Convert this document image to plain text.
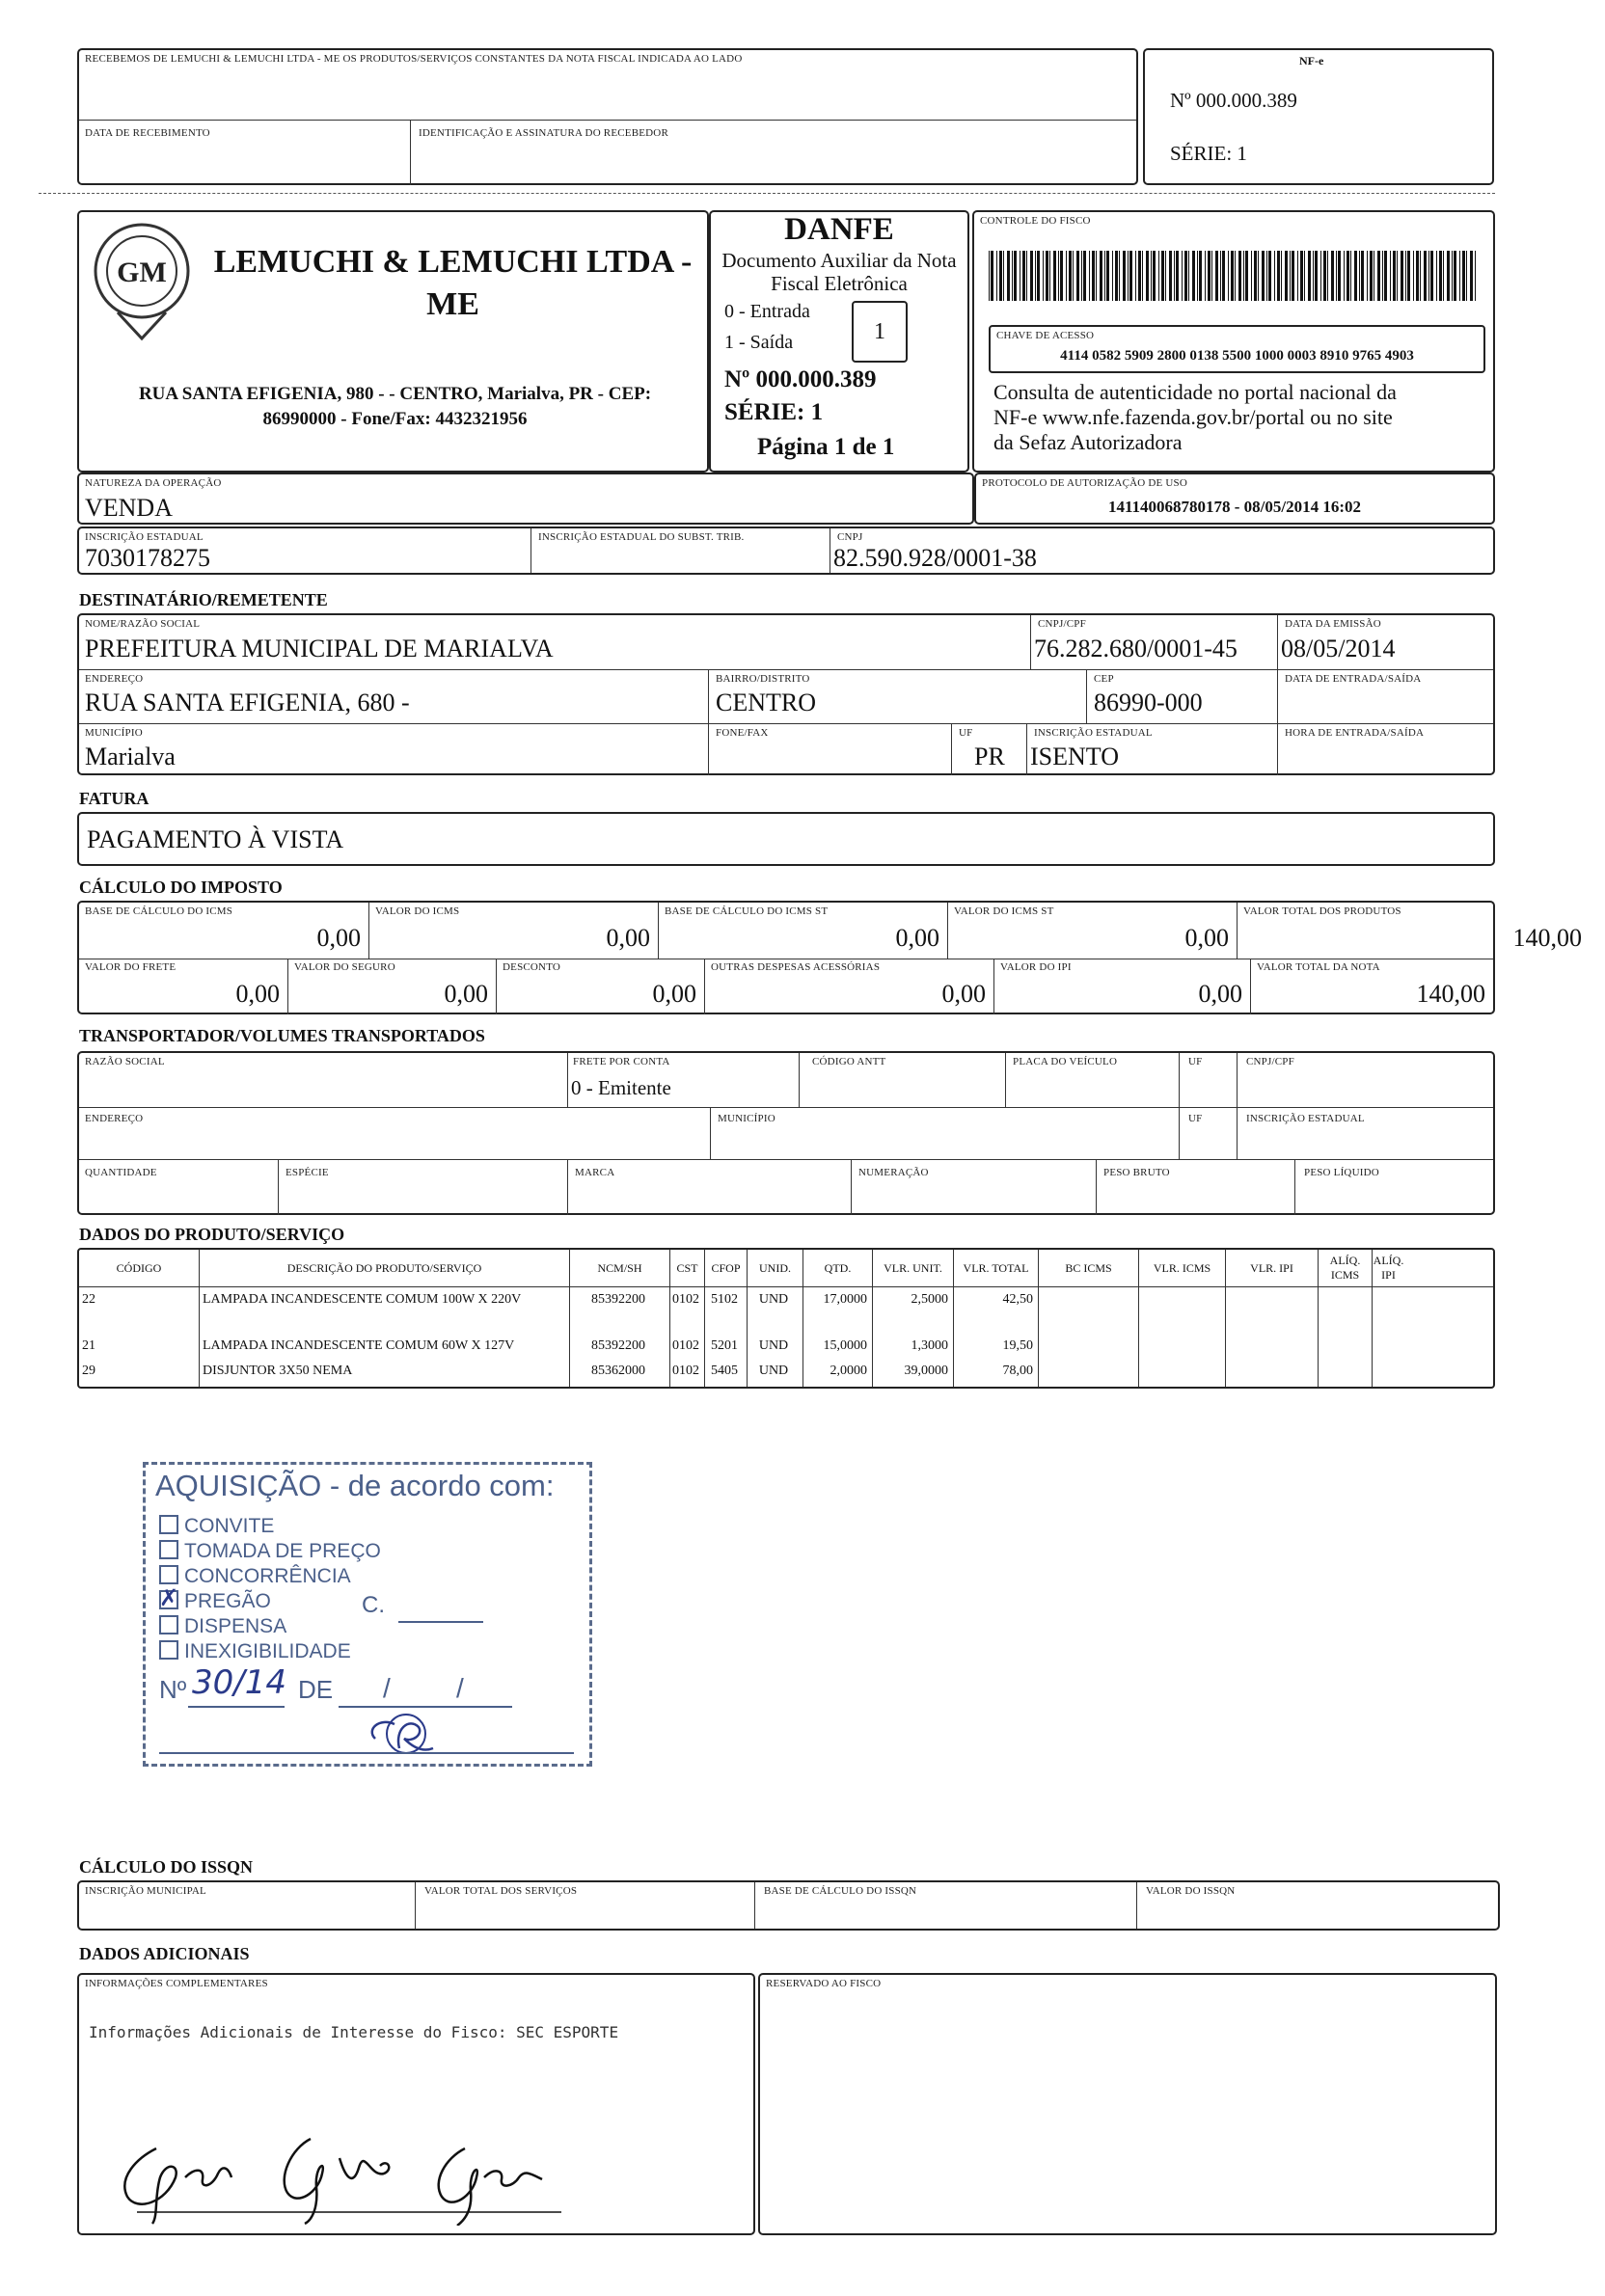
RECEBEMOS DE LEMUCHI & LEMUCHI LTDA - ME OS PRODUTOS/SERVIÇOS CONSTANTES DA NOTA FISCAL INDICADA AO LADO
DATA DE RECEBIMENTO	IDENTIFICAÇÃO E ASSINATURA DO RECEBEDOR
NF-e
Nº 000.000.389
SÉRIE: 1
GM LEMUCHI & LEMUCHI LTDA - ME
RUA SANTA EFIGENIA, 980 - - CENTRO, Marialva, PR - CEP:
86990000 - Fone/Fax: 4432321956
DANFE
Documento Auxiliar da Nota
Fiscal Eletrônica
0 - Entrada
1 - Saída	1
Nº 000.000.389
SÉRIE: 1
Página 1 de 1
CONTROLE DO FISCO
CHAVE DE ACESSO
4114 0582 5909 2800 0138 5500 1000 0003 8910 9765 4903
Consulta de autenticidade no portal nacional da
NF-e www.nfe.fazenda.gov.br/portal ou no site
da Sefaz Autorizadora
NATUREZA DA OPERAÇÃO
VENDA
PROTOCOLO DE AUTORIZAÇÃO DE USO
141140068780178 - 08/05/2014 16:02
INSCRIÇÃO ESTADUAL
7030178275
INSCRIÇÃO ESTADUAL DO SUBST. TRIB.	CNPJ
82.590.928/0001-38
DESTINATÁRIO/REMETENTE
NOME/RAZÃO SOCIAL
PREFEITURA MUNICIPAL DE MARIALVA
CNPJ/CPF
76.282.680/0001-45
DATA DA EMISSÃO
08/05/2014
ENDEREÇO
RUA SANTA EFIGENIA, 680 -
BAIRRO/DISTRITO
CENTRO
CEP
86990-000
DATA DE ENTRADA/SAÍDA
MUNICÍPIO
Marialva
FONE/FAX	UF
PR
INSCRIÇÃO ESTADUAL
ISENTO
HORA DE ENTRADA/SAÍDA
FATURA
PAGAMENTO À VISTA
CÁLCULO DO IMPOSTO
BASE DE CÁLCULO DO ICMS
0,00
VALOR DO ICMS
0,00
BASE DE CÁLCULO DO ICMS ST
0,00
VALOR DO ICMS ST
0,00
VALOR TOTAL DOS PRODUTOS
140,00
VALOR DO FRETE
0,00
VALOR DO SEGURO
0,00
DESCONTO
0,00
OUTRAS DESPESAS ACESSÓRIAS
0,00
VALOR DO IPI
0,00
VALOR TOTAL DA NOTA
140,00
TRANSPORTADOR/VOLUMES TRANSPORTADOS
RAZÃO SOCIAL	FRETE POR CONTA
0 - Emitente
CÓDIGO ANTT	PLACA DO VEÍCULO	UF	CNPJ/CPF
ENDEREÇO	MUNICÍPIO	UF	INSCRIÇÃO ESTADUAL
QUANTIDADE	ESPÉCIE	MARCA	NUMERAÇÃO	PESO BRUTO	PESO LÍQUIDO
DADOS DO PRODUTO/SERVIÇO
CÓDIGO	DESCRIÇÃO DO PRODUTO/SERVIÇO	NCM/SH	CST	CFOP	UNID.	QTD.	VLR. UNIT.	VLR. TOTAL	BC ICMS	VLR. ICMS	VLR. IPI
ALÍQ. ICMS
ALÍQ. IPI
22	LAMPADA INCANDESCENTE COMUM 100W X 220V	85392200	0102 5102	UND	17,0000	2,5000	42,50
21	LAMPADA INCANDESCENTE COMUM 60W X 127V	85392200	0102 5201	UND	15,0000	1,3000	19,50
29	DISJUNTOR 3X50 NEMA	85362000	0102 5405	UND	2,0000	39,0000	78,00
AQUISIÇÃO - de acordo com:
CONVITE
TOMADA DE PREÇO
CONCORRÊNCIA
✗ PREGÃO
DISPENSA
INEXIGIBILIDADE
C.
Nº 30/14 DE / /
CÁLCULO DO ISSQN
INSCRIÇÃO MUNICIPAL	VALOR TOTAL DOS SERVIÇOS	BASE DE CÁLCULO DO ISSQN	VALOR DO ISSQN
DADOS ADICIONAIS
INFORMAÇÕES COMPLEMENTARES
Informações Adicionais de Interesse do Fisco: SEC ESPORTE
RESERVADO AO FISCO
